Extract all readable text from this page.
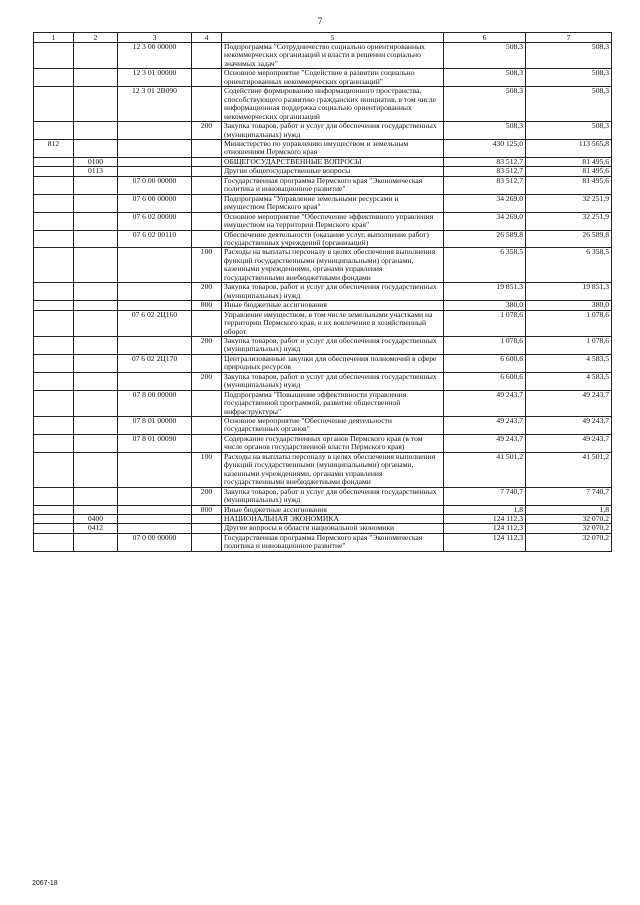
7
1	2	3	4	5	6	7
		12 3 00 00000		Подпрограмма "Сотрудничество социально ориентированных некоммерческих организаций и власти в решении социально значимых задач"	508,3	508,3
		12 3 01 00000		Основное мероприятие "Содействие в развитии социально ориентированных некоммерческих организаций"	508,3	508,3
		12 3 01 2В090		Содействие формированию информационного пространства, способствующего развитию гражданских инициатив, в том числе информационная поддержка социально ориентированных некоммерческих организаций	508,3	508,3
			200	Закупка товаров, работ и услуг для обеспечения государственных (муниципальных) нужд	508,3	508,3
812				Министерство по управлению имуществом и земельным отношениям Пермского края	430 125,0	113 565,8
	0100			ОБЩЕГОСУДАРСТВЕННЫЕ ВОПРОСЫ	83 512,7	81 495,6
	0113			Другие общегосударственные вопросы	83 512,7	81 495,6
		07 0 00 00000		Государственная программа Пермского края "Экономическая политика и инновационное развитие"	83 512,7	81 495,6
		07 6 00 00000		Подпрограмма "Управление земельными ресурсами и имуществом Пермского края"	34 269,0	32 251,9
		07 6 02 00000		Основное мероприятие "Обеспечение эффективного управления имуществом на территории Пермского края"	34 269,0	32 251,9
		07 6 02 00110		Обеспечение деятельности (оказание услуг, выполнение работ) государственных учреждений (организаций)	26 589,8	26 589,8
			100	Расходы на выплаты персоналу в целях обеспечения выполнения функций государственными (муниципальными) органами, казенными учреждениями, органами управления государственными внебюджетными фондами	6 358,5	6 358,5
			200	Закупка товаров, работ и услуг для обеспечения государственных (муниципальных) нужд	19 851,3	19 851,3
			800	Иные бюджетные ассигнования	380,0	380,0
		07 6 02 2Ц160		Управление имуществом, в том числе земельными участками на территории Пермского края, и их вовлечение в хозяйственный оборот	1 078,6	1 078,6
			200	Закупка товаров, работ и услуг для обеспечения государственных (муниципальных) нужд	1 078,6	1 078,6
		07 6 02 2Ц170		Централизованные закупки для обеспечения полномочий в сфере природных ресурсов	6 600,6	4 583,5
			200	Закупка товаров, работ и услуг для обеспечения государственных (муниципальных) нужд	6 600,6	4 583,5
		07 8 00 00000		Подпрограмма "Повышение эффективности управления государственной программой, развитие общественной инфраструктуры"	49 243,7	49 243,7
		07 8 01 00000		Основное мероприятие "Обеспечение деятельности государственных органов"	49 243,7	49 243,7
		07 8 01 00090		Содержание государственных органов Пермского края (в том числе органов государственной власти Пермского края)	49 243,7	49 243,7
			100	Расходы на выплаты персоналу в целях обеспечения выполнения функций государственными (муниципальными) органами, казенными учреждениями, органами управления государственными внебюджетными фондами	41 501,2	41 501,2
			200	Закупка товаров, работ и услуг для обеспечения государственных (муниципальных) нужд	7 740,7	7 740,7
			800	Иные бюджетные ассигнования	1,8	1,8
	0400			НАЦИОНАЛЬНАЯ ЭКОНОМИКА	124 112,3	32 070,2
	0412			Другие вопросы в области национальной экономики	124 112,3	32 070,2
		07 0 00 00000		Государственная программа Пермского края "Экономическая политика и инновационное развитие"	124 112,3	32 070,2
2067-18
